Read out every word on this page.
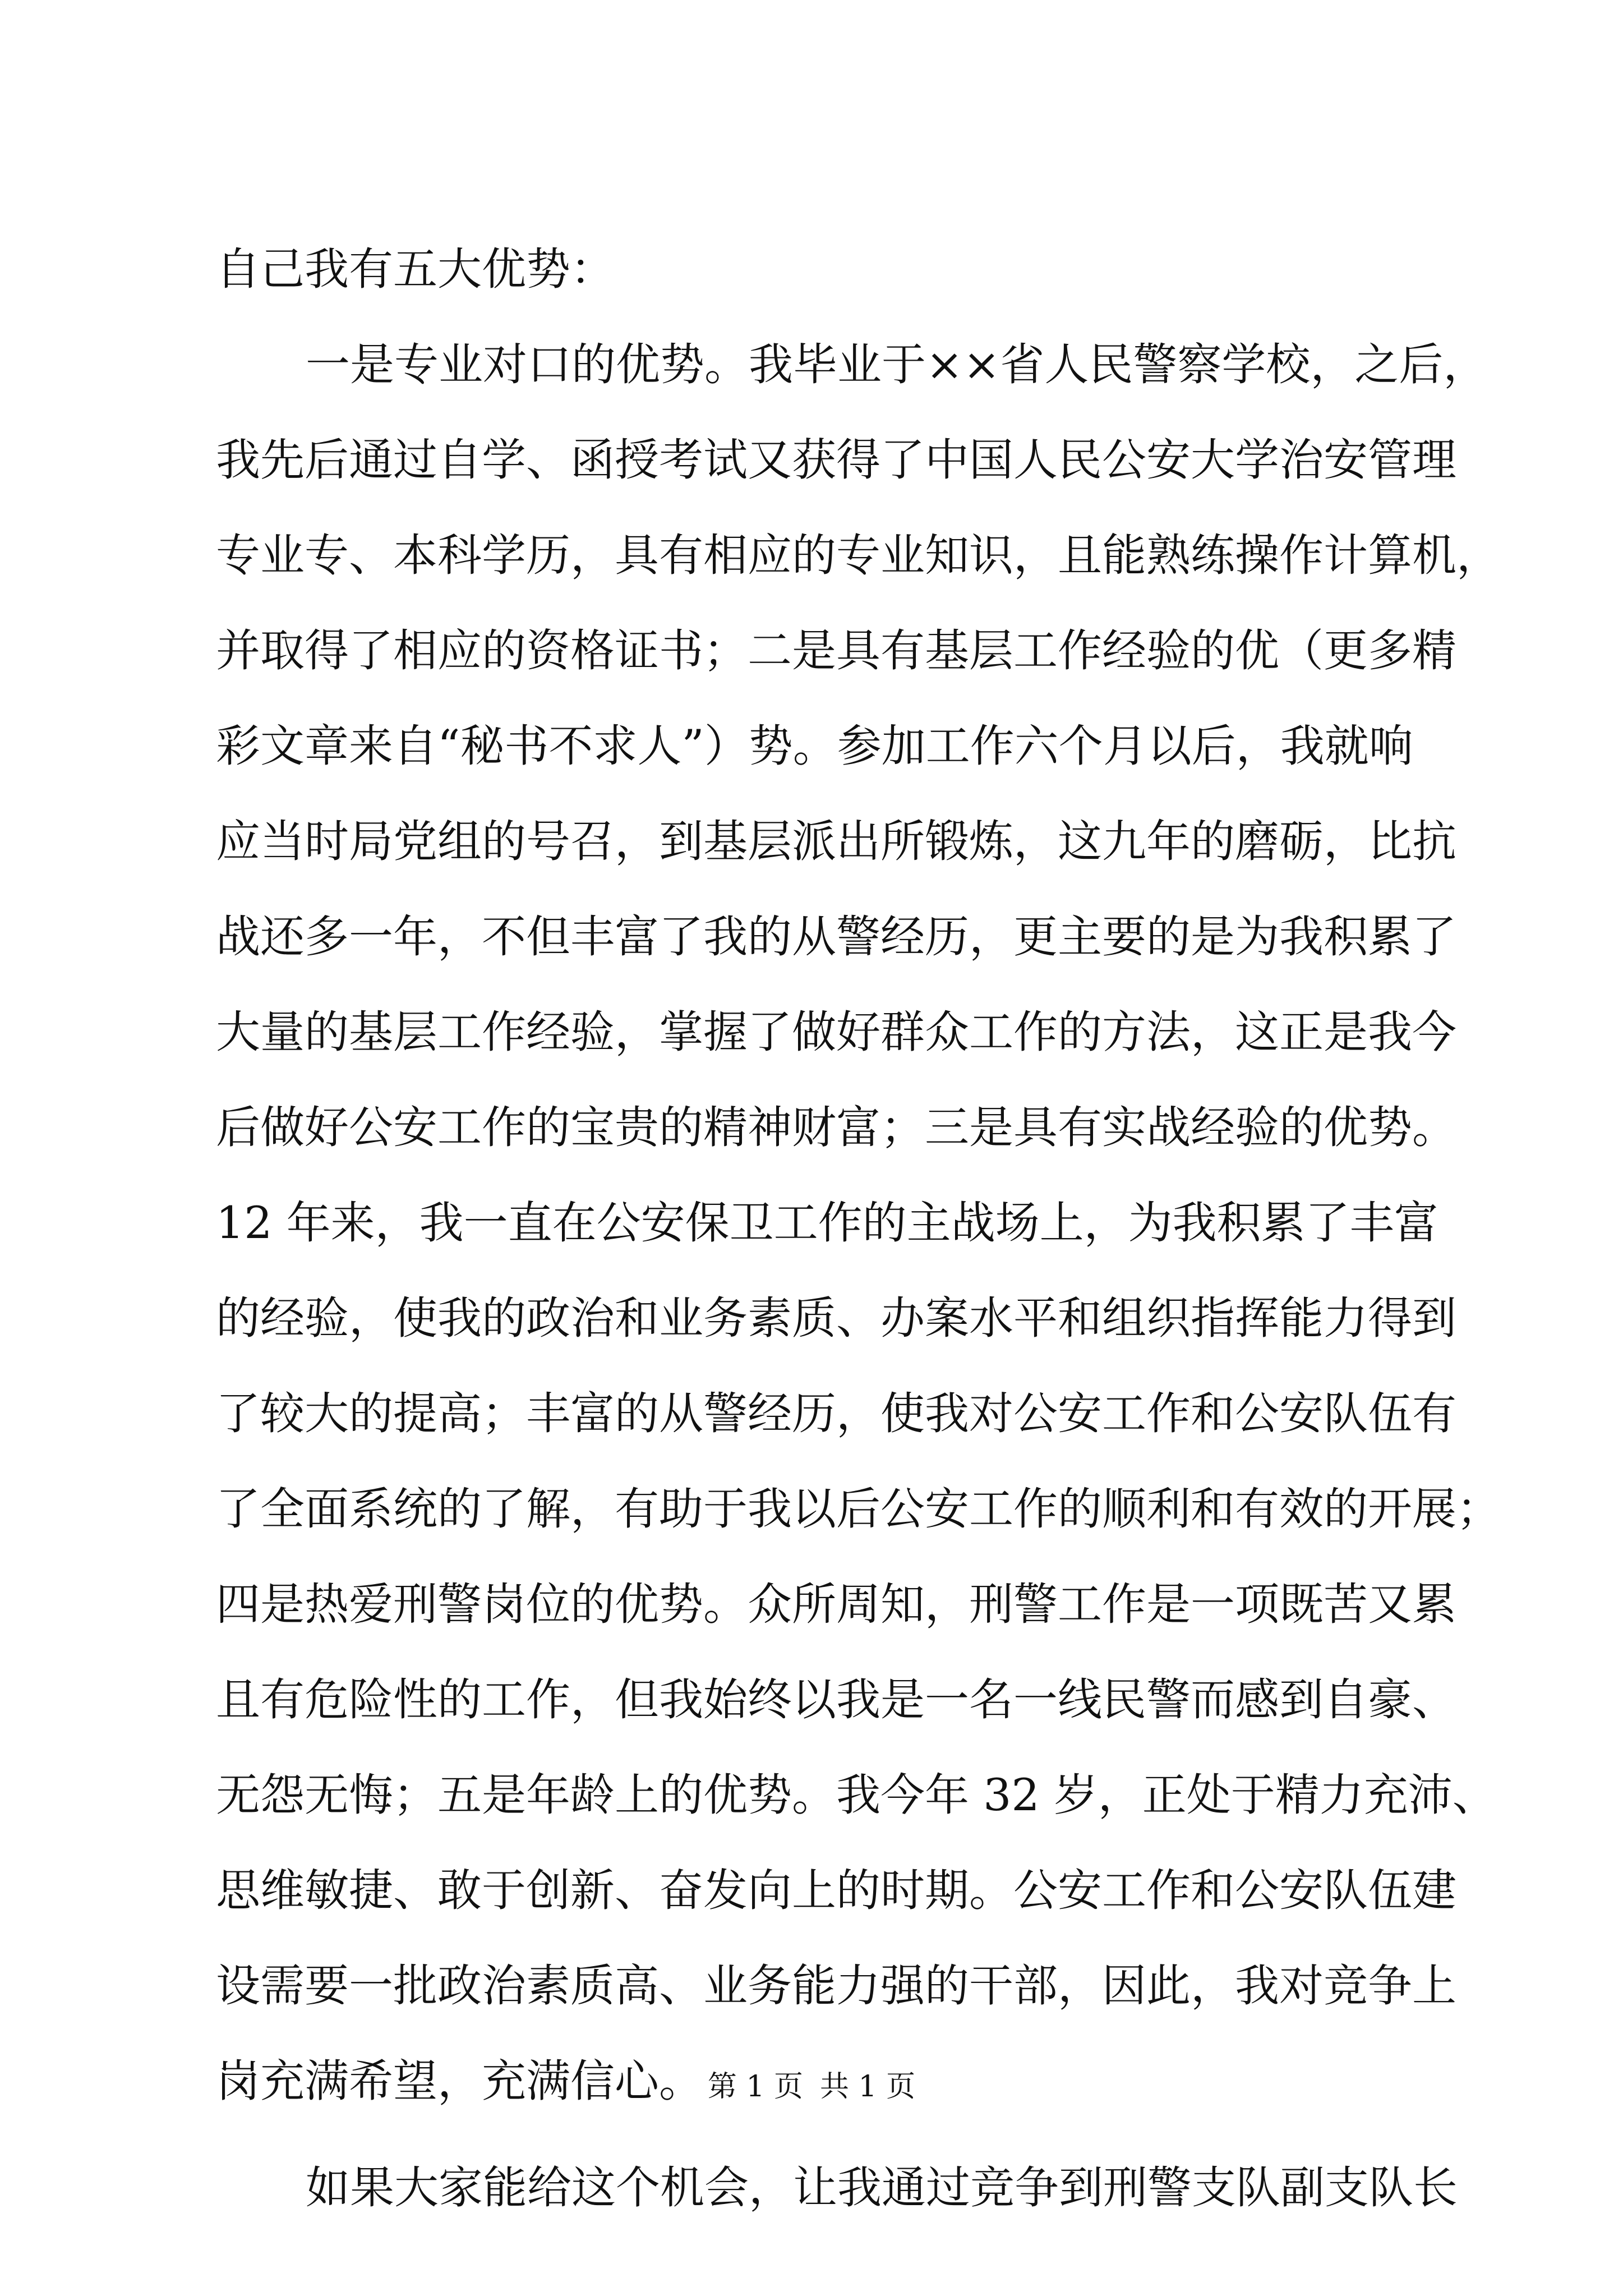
自己我有五大优势：
一是专业对口的优势。我毕业于××省人民警察学校，之后，
我先后通过自学、函授考试又获得了中国人民公安大学治安管理
专业专、本科学历，具有相应的专业知识，且能熟练操作计算机，
并取得了相应的资格证书；二是具有基层工作经验的优（更多精
彩文章来自“秘书不求人”）势。参加工作六个月以后，我就响
应当时局党组的号召，到基层派出所锻炼，这九年的磨砺，比抗
战还多一年，不但丰富了我的从警经历，更主要的是为我积累了
大量的基层工作经验，掌握了做好群众工作的方法，这正是我今
后做好公安工作的宝贵的精神财富；三是具有实战经验的优势。
12 年来，我一直在公安保卫工作的主战场上，为我积累了丰富
的经验，使我的政治和业务素质、办案水平和组织指挥能力得到
了较大的提高；丰富的从警经历，使我对公安工作和公安队伍有
了全面系统的了解，有助于我以后公安工作的顺利和有效的开展；
四是热爱刑警岗位的优势。众所周知，刑警工作是一项既苦又累
且有危险性的工作，但我始终以我是一名一线民警而感到自豪、
无怨无悔；五是年龄上的优势。我今年 32 岁，正处于精力充沛、
思维敏捷、敢于创新、奋发向上的时期。公安工作和公安队伍建
设需要一批政治素质高、业务能力强的干部，因此，我对竞争上
岗充满希望，充满信心。
如果大家能给这个机会，让我通过竞争到刑警支队副支队长
第 1 页 共 1 页
